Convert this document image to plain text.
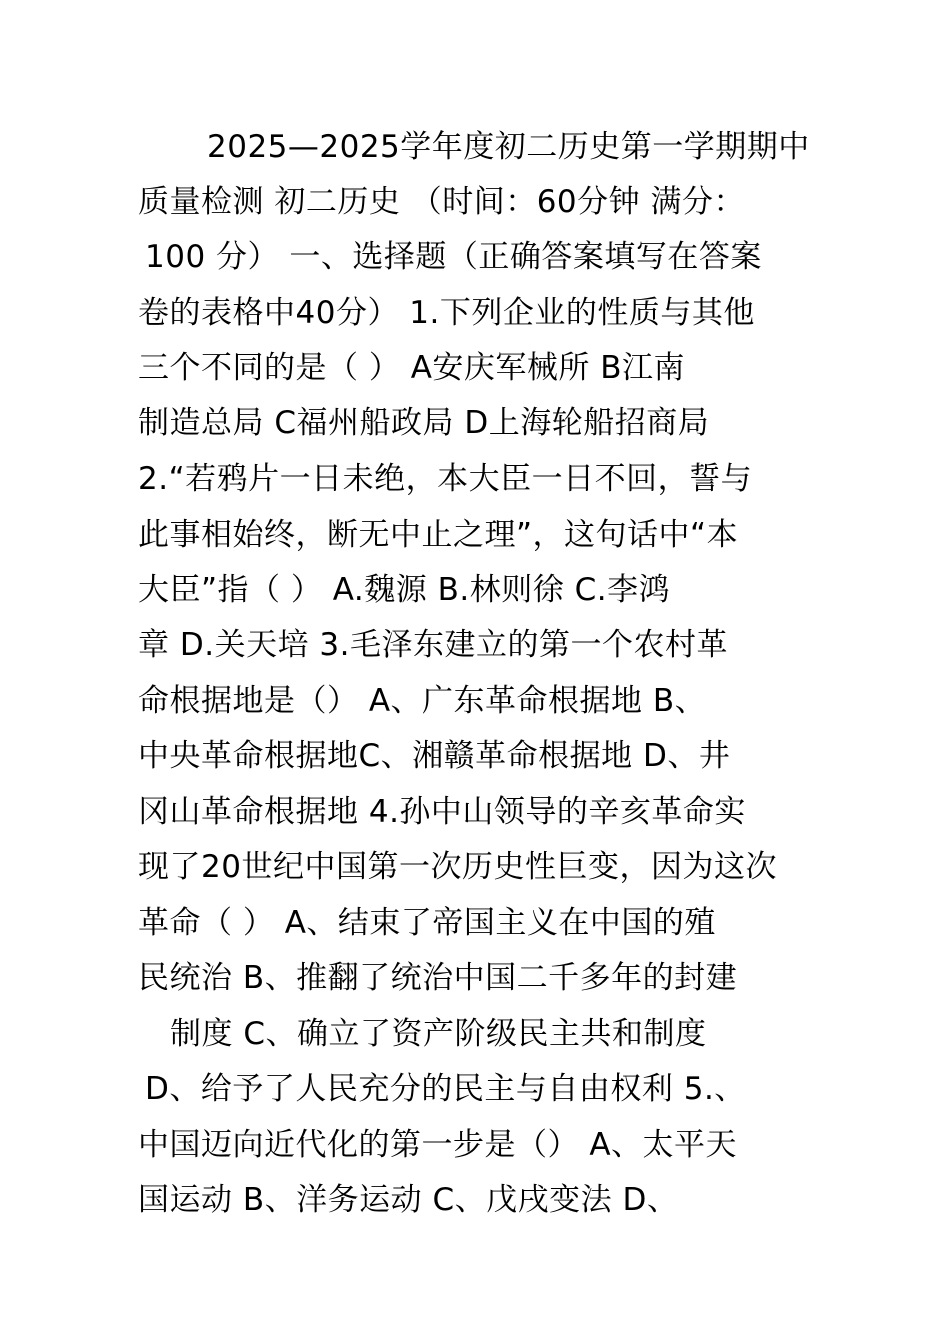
2025—2025学年度初二历史第一学期期中
质量检测 初二历史 （时间：60分钟 满分：
100 分） 一、选择题（正确答案填写在答案
卷的表格中40分） 1.下列企业的性质与其他
三个不同的是（ ） A安庆军械所 B江南
制造总局 C福州船政局 D上海轮船招商局
2.“若鸦片一日未绝，本大臣一日不回，誓与
此事相始终，断无中止之理”，这句话中“本
大臣”指（ ） A.魏源 B.林则徐 C.李鸿
章 D.关天培 3.毛泽东建立的第一个农村革
命根据地是（） A、广东革命根据地 B、
中央革命根据地C、湘赣革命根据地 D、井
冈山革命根据地 4.孙中山领导的辛亥革命实
现了20世纪中国第一次历史性巨变，因为这次
革命（ ） A、结束了帝国主义在中国的殖
民统治 B、推翻了统治中国二千多年的封建
制度 C、确立了资产阶级民主共和制度
D、给予了人民充分的民主与自由权利 5.、
中国迈向近代化的第一步是（） A、太平天
国运动 B、洋务运动 C、戊戌变法 D、
